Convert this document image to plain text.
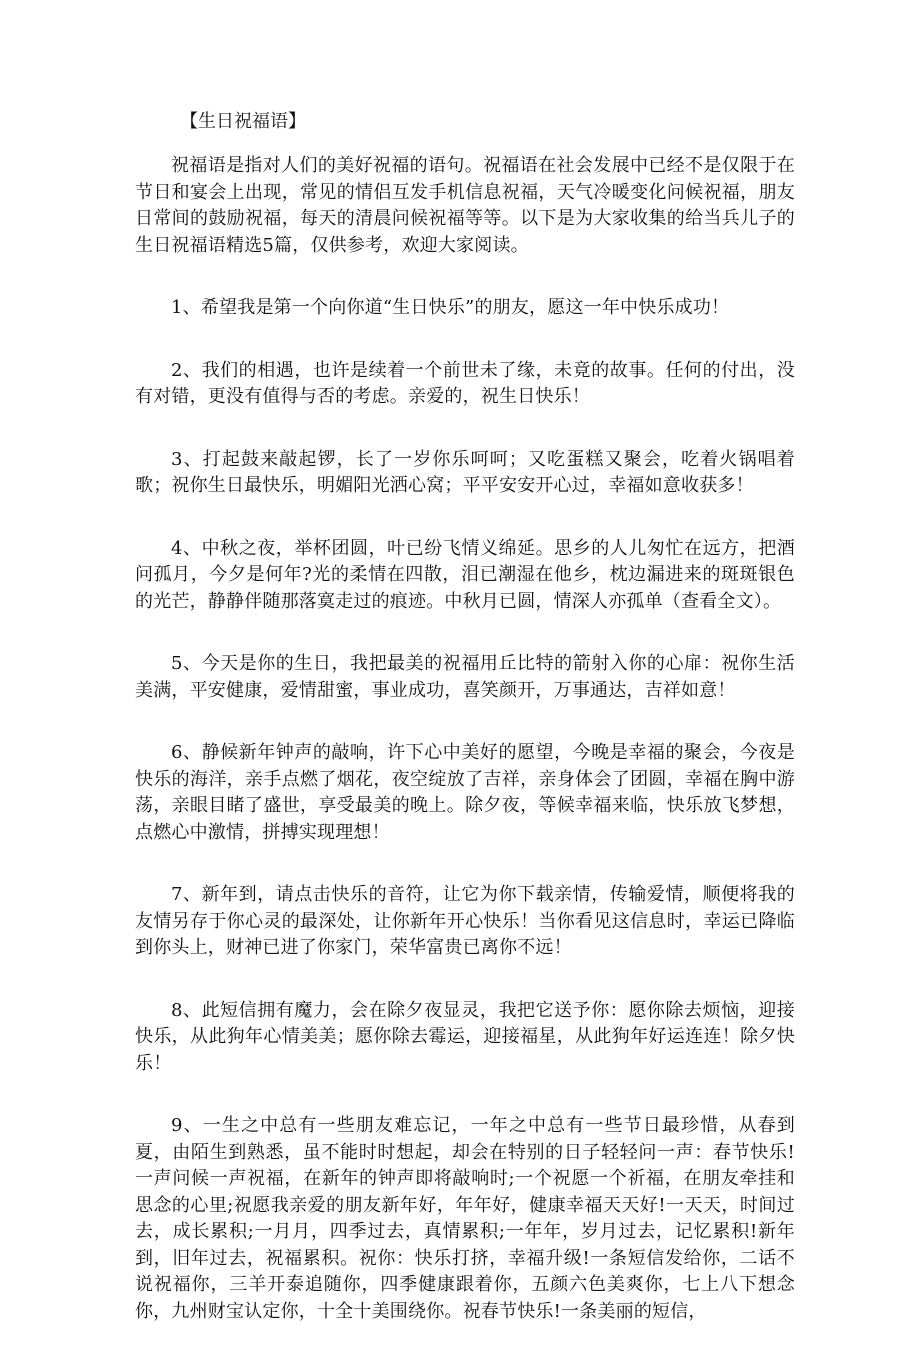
【生日祝福语】

祝福语是指对人们的美好祝福的语句。祝福语在社会发展中已经不是仅限于在节日和宴会上出现，常见的情侣互发手机信息祝福，天气冷暖变化问候祝福，朋友日常间的鼓励祝福，每天的清晨问候祝福等等。以下是为大家收集的给当兵儿子的生日祝福语精选5篇，仅供参考，欢迎大家阅读。

1、希望我是第一个向你道“生日快乐”的朋友，愿这一年中快乐成功！

2、我们的相遇，也许是续着一个前世未了缘，未竟的故事。任何的付出，没有对错，更没有值得与否的考虑。亲爱的，祝生日快乐！

3、打起鼓来敲起锣，长了一岁你乐呵呵；又吃蛋糕又聚会，吃着火锅唱着歌；祝你生日最快乐，明媚阳光洒心窝；平平安安开心过，幸福如意收获多！

4、中秋之夜，举杯团圆，叶已纷飞情义绵延。思乡的人儿匆忙在远方，把酒问孤月，今夕是何年?光的柔情在四散，泪已潮湿在他乡，枕边漏进来的斑斑银色的光芒，静静伴随那落寞走过的痕迹。中秋月已圆，情深人亦孤单（查看全文）。

5、今天是你的生日，我把最美的祝福用丘比特的箭射入你的心扉：祝你生活美满，平安健康，爱情甜蜜，事业成功，喜笑颜开，万事通达，吉祥如意！

6、静候新年钟声的敲响，许下心中美好的愿望，今晚是幸福的聚会，今夜是快乐的海洋，亲手点燃了烟花，夜空绽放了吉祥，亲身体会了团圆，幸福在胸中游荡，亲眼目睹了盛世，享受最美的晚上。除夕夜，等候幸福来临，快乐放飞梦想，点燃心中激情，拼搏实现理想！

7、新年到，请点击快乐的音符，让它为你下载亲情，传输爱情，顺便将我的友情另存于你心灵的最深处，让你新年开心快乐！当你看见这信息时，幸运已降临到你头上，财神已进了你家门，荣华富贵已离你不远！

8、此短信拥有魔力，会在除夕夜显灵，我把它送予你：愿你除去烦恼，迎接快乐，从此狗年心情美美；愿你除去霉运，迎接福星，从此狗年好运连连！除夕快乐！

9、一生之中总有一些朋友难忘记，一年之中总有一些节日最珍惜，从春到夏，由陌生到熟悉，虽不能时时想起，却会在特别的日子轻轻问一声：春节快乐!一声问候一声祝福，在新年的钟声即将敲响时;一个祝愿一个祈福，在朋友牵挂和思念的心里;祝愿我亲爱的朋友新年好，年年好，健康幸福天天好!一天天，时间过去，成长累积;一月月，四季过去，真情累积;一年年，岁月过去，记忆累积!新年到，旧年过去，祝福累积。祝你：快乐打挤，幸福升级!一条短信发给你，二话不说祝福你，三羊开泰追随你，四季健康跟着你，五颜六色美爽你，七上八下想念你，九州财宝认定你，十全十美围绕你。祝春节快乐!一条美丽的短信，
